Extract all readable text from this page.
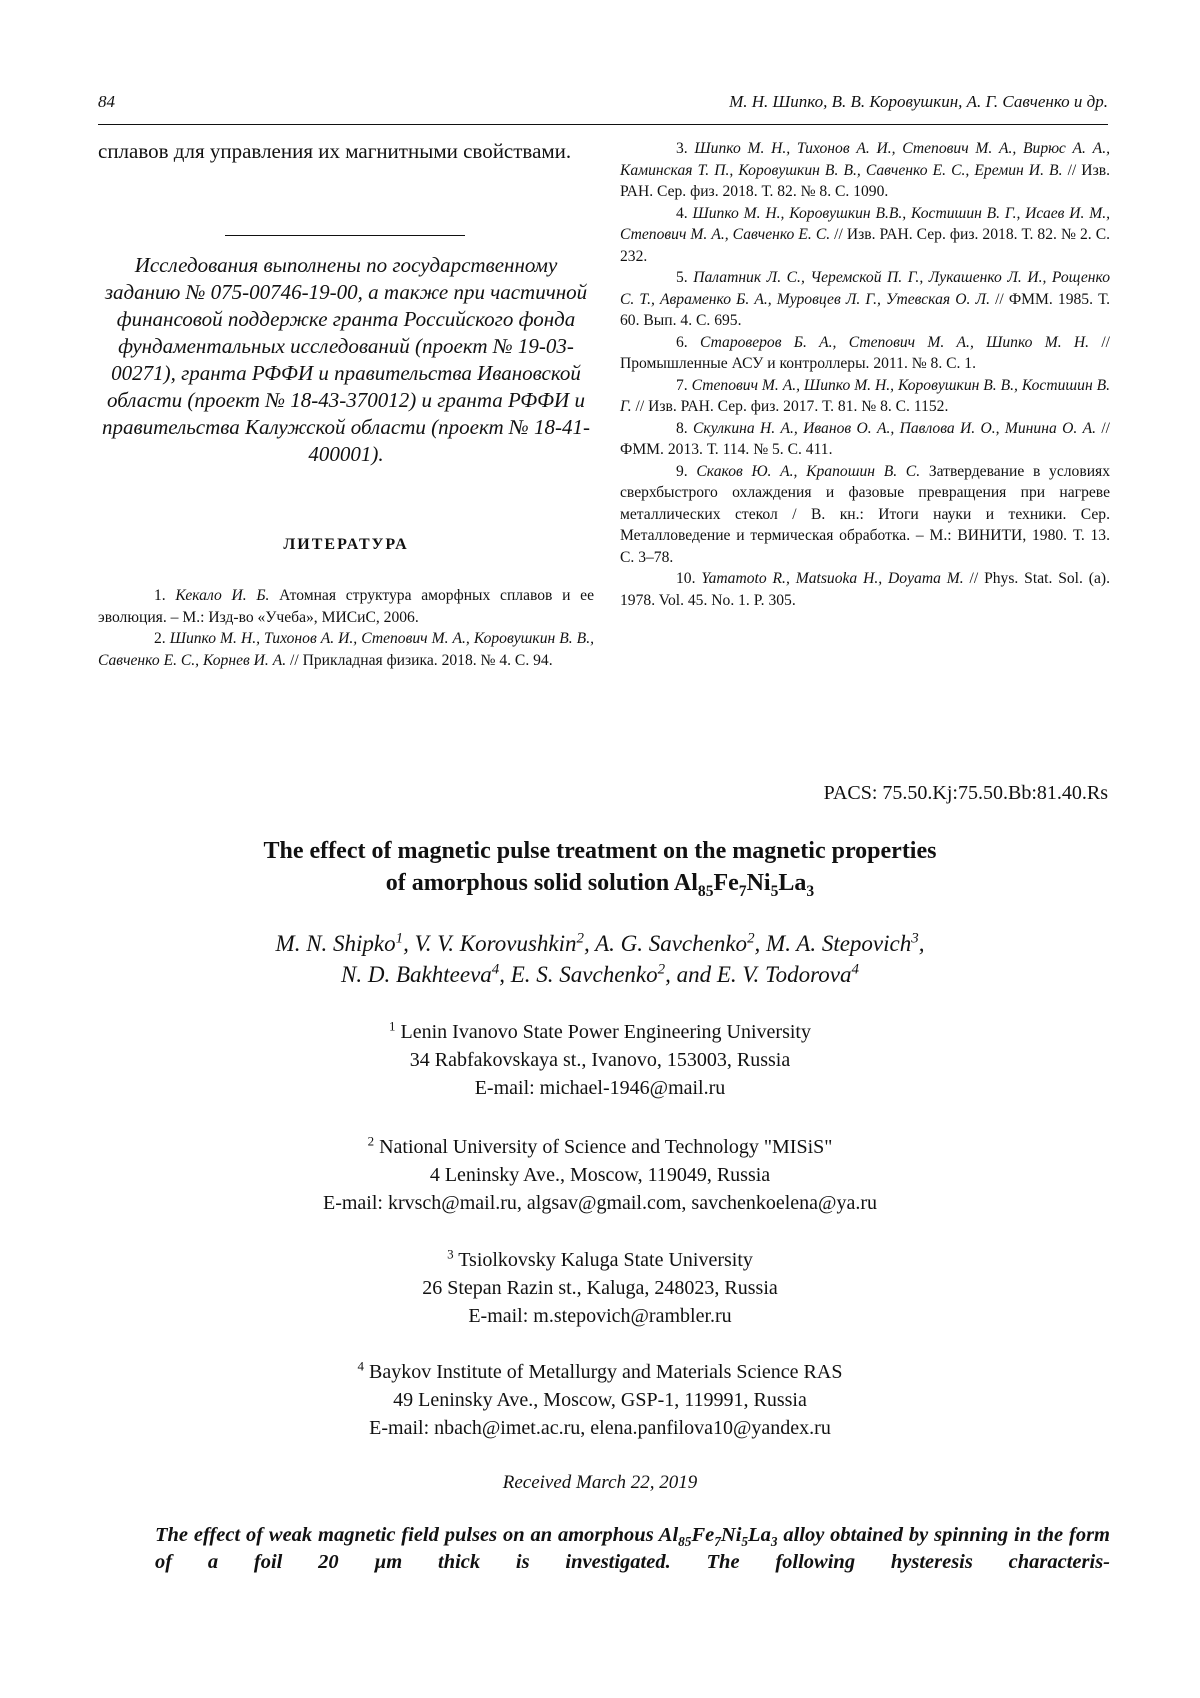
84	М. Н. Шипко, В. В. Коровушкин, А. Г. Савченко и др.
сплавов для управления их магнитными свойствами.
Исследования выполнены по государственному заданию № 075-00746-19-00, а также при частичной финансовой поддержке гранта Российского фонда фундаментальных исследований (проект № 19-03-00271), гранта РФФИ и правительства Ивановской области (проект № 18-43-370012) и гранта РФФИ и правительства Калужской области (проект № 18-41-400001).
ЛИТЕРАТУРА

1. Кекало И. Б. Атомная структура аморфных сплавов и ее эволюция. – М.: Изд-во «Учеба», МИСиС, 2006.

2. Шипко М. Н., Тихонов А. И., Степович М. А., Коровушкин В. В., Савченко Е. С., Корнев И. А. // Прикладная физика. 2018. № 4. С. 94.

3. Шипко М. Н., Тихонов А. И., Степович М. А., Вирюс А. А., Каминская Т. П., Коровушкин В. В., Савченко Е. С., Еремин И. В. // Изв. РАН. Сер. физ. 2018. Т. 82. № 8. С. 1090.

4. Шипко М. Н., Коровушкин В.В., Костишин В. Г., Исаев И. М., Степович М. А., Савченко Е. С. // Изв. РАН. Сер. физ. 2018. Т. 82. № 2. С. 232.

5. Палатник Л. С., Черемской П. Г., Лукашенко Л. И., Рощенко С. Т., Авраменко Б. А., Муровцев Л. Г., Утевская О. Л. // ФММ. 1985. Т. 60. Вып. 4. С. 695.

6. Староверов Б. А., Степович М. А., Шипко М. Н. // Промышленные АСУ и контроллеры. 2011. № 8. С. 1.

7. Степович М. А., Шипко М. Н., Коровушкин В. В., Костишин В. Г. // Изв. РАН. Сер. физ. 2017. Т. 81. № 8. С. 1152.

8. Скулкина Н. А., Иванов О. А., Павлова И. О., Минина О. А. // ФММ. 2013. Т. 114. № 5. С. 411.

9. Скаков Ю. А., Крапошин В. С. Затвердевание в условиях сверхбыстрого охлаждения и фазовые превращения при нагреве металлических стекол / В. кн.: Итоги науки и техники. Сер. Металловедение и термическая обработка. – М.: ВИНИТИ, 1980. Т. 13. С. 3–78.

10. Yamamoto R., Matsuoka H., Doyama M. // Phys. Stat. Sol. (a). 1978. Vol. 45. No. 1. P. 305.

PACS: 75.50.Kj:75.50.Bb:81.40.Rs
The effect of magnetic pulse treatment on the magnetic properties
of amorphous solid solution $Al_{85}Fe_7Ni_5La_3$
M. N. Shipko$^1$, V. V. Korovushkin$^2$, A. G. Savchenko$^2$, M. A. Stepovich$^3$,
N. D. Bakhteeva$^4$, E. S. Savchenko$^2$, and E. V. Todorova$^4$
$^1$ Lenin Ivanovo State Power Engineering University
34 Rabfakovskaya st., Ivanovo, 153003, Russia
E-mail: michael-1946@mail.ru
$^2$ National University of Science and Technology "MISiS"
4 Leninsky Ave., Moscow, 119049, Russia
E-mail: krvsch@mail.ru, algsav@gmail.com, savchenkoelena@ya.ru
$^3$ Tsiolkovsky Kaluga State University
26 Stepan Razin st., Kaluga, 248023, Russia
E-mail: m.stepovich@rambler.ru
$^4$ Baykov Institute of Metallurgy and Materials Science RAS
49 Leninsky Ave., Moscow, GSP-1, 119991, Russia
E-mail: nbach@imet.ac.ru, elena.panfilova10@yandex.ru
Received March 22, 2019
The effect of weak magnetic field pulses on an amorphous $Al_{85}Fe_7Ni_5La_3$ alloy obtained by spinning in the form of a foil 20 µm thick is investigated. The following hysteresis characteris-
